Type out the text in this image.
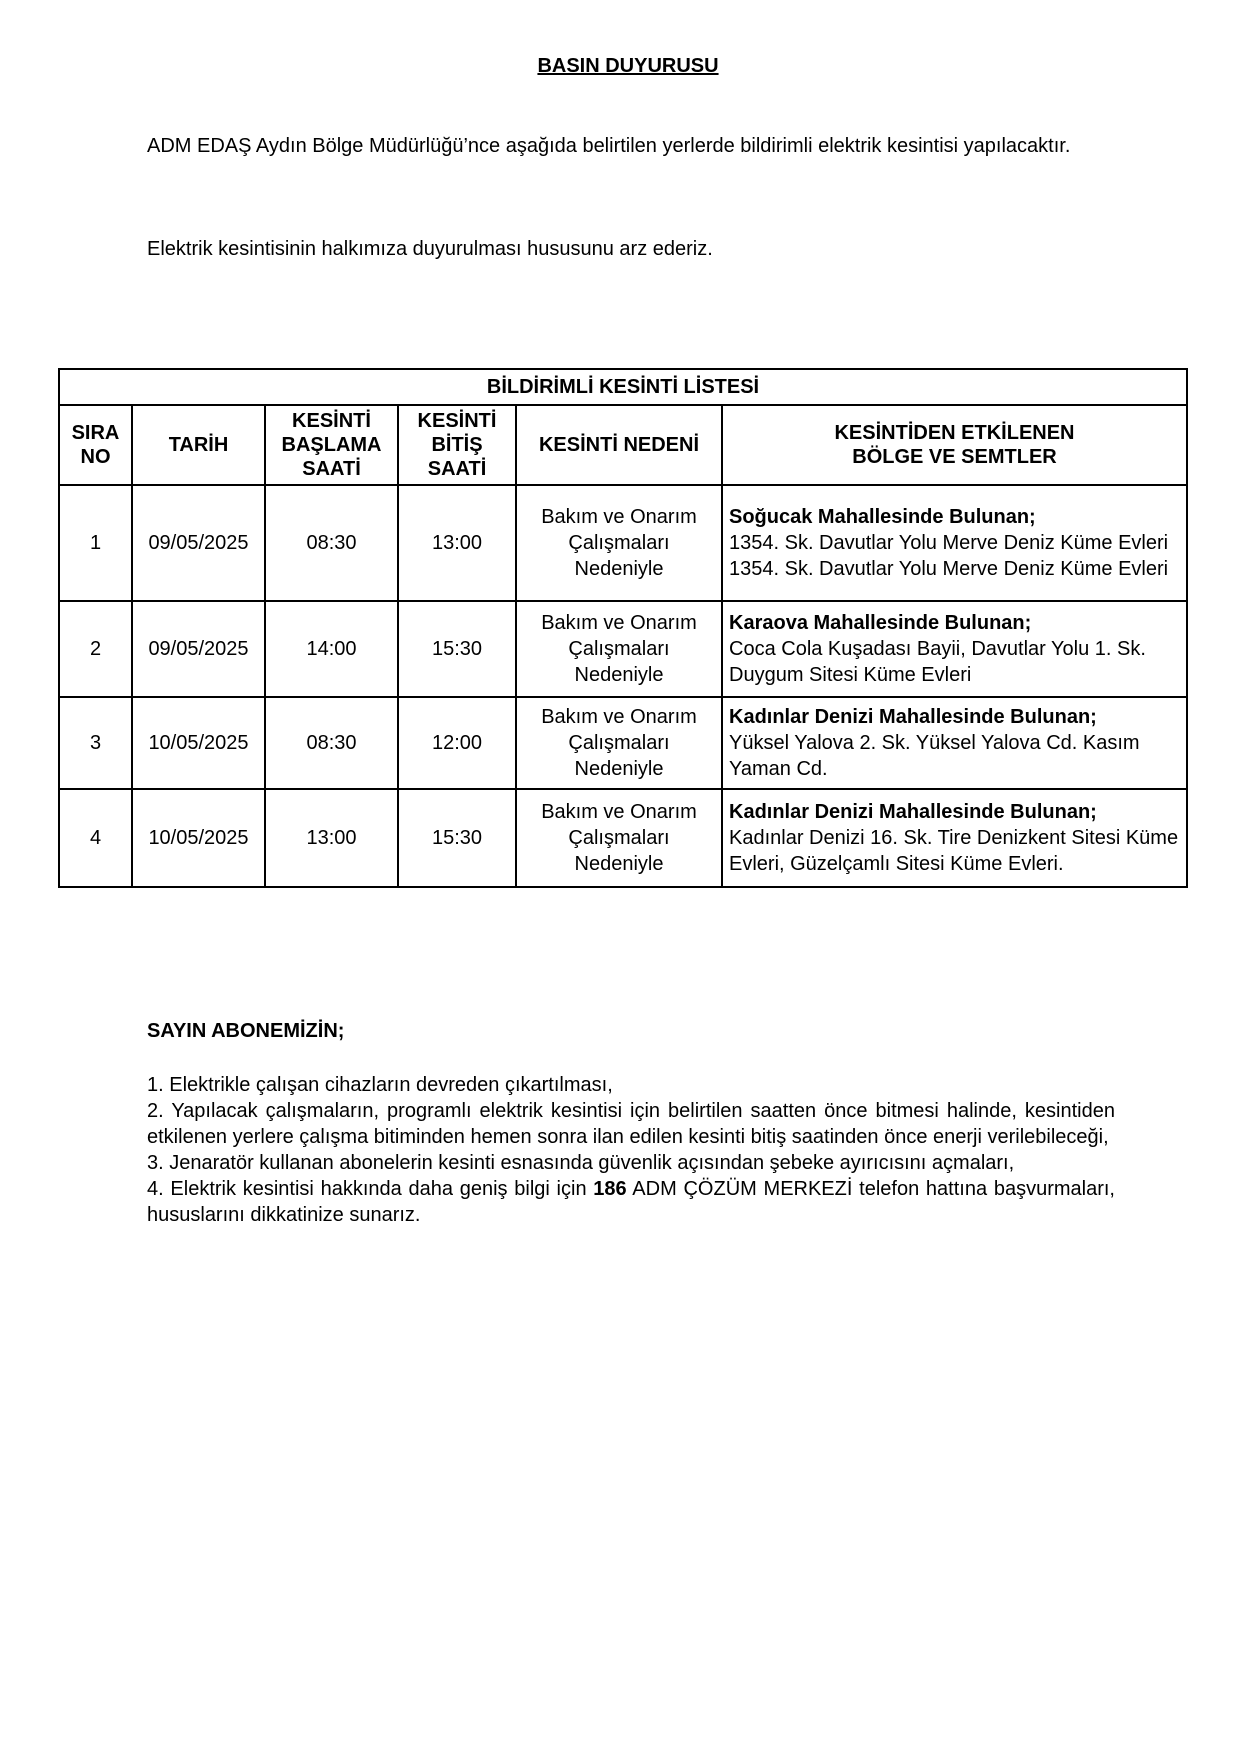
BASIN DUYURUSU
ADM EDAŞ Aydın Bölge Müdürlüğü’nce aşağıda belirtilen yerlerde bildirimli elektrik kesintisi yapılacaktır.
Elektrik kesintisinin halkımıza duyurulması hususunu arz ederiz.
BİLDİRİMLİ KESİNTİ LİSTESİ					
SIRA
NO	TARİH	KESİNTİ
BAŞLAMA
SAATİ	KESİNTİ
BİTİŞ
SAATİ	KESİNTİ NEDENİ	KESİNTİDEN ETKİLENEN
BÖLGE VE SEMTLER
1	09/05/2025	08:30	13:00	Bakım ve Onarım Çalışmaları Nedeniyle	Soğucak Mahallesinde Bulunan;
1354. Sk. Davutlar Yolu Merve Deniz Küme Evleri 1354. Sk. Davutlar Yolu Merve Deniz Küme Evleri

2	09/05/2025	14:00	15:30	Bakım ve Onarım Çalışmaları Nedeniyle	Karaova Mahallesinde Bulunan;
Coca Cola Kuşadası Bayii, Davutlar Yolu 1. Sk. Duygum Sitesi Küme Evleri

3	10/05/2025	08:30	12:00	Bakım ve Onarım Çalışmaları Nedeniyle	Kadınlar Denizi Mahallesinde Bulunan;
Yüksel Yalova 2. Sk. Yüksel Yalova Cd. Kasım Yaman Cd.

4	10/05/2025	13:00	15:30	Bakım ve Onarım Çalışmaları Nedeniyle	Kadınlar Denizi Mahallesinde Bulunan;
Kadınlar Denizi 16. Sk. Tire Denizkent Sitesi Küme Evleri, Güzelçamlı Sitesi Küme Evleri.
SAYIN ABONEMİZİN;
1. Elektrikle çalışan cihazların devreden çıkartılması,
2. Yapılacak çalışmaların, programlı elektrik kesintisi için belirtilen saatten önce bitmesi halinde, kesintiden etkilenen yerlere çalışma bitiminden hemen sonra ilan edilen kesinti bitiş saatinden önce enerji verilebileceği,
3. Jenaratör kullanan abonelerin kesinti esnasında güvenlik açısından şebeke ayırıcısını açmaları,
4. Elektrik kesintisi hakkında daha geniş bilgi için 186 ADM ÇÖZÜM MERKEZİ telefon hattına başvurmaları, hususlarını dikkatinize sunarız.
